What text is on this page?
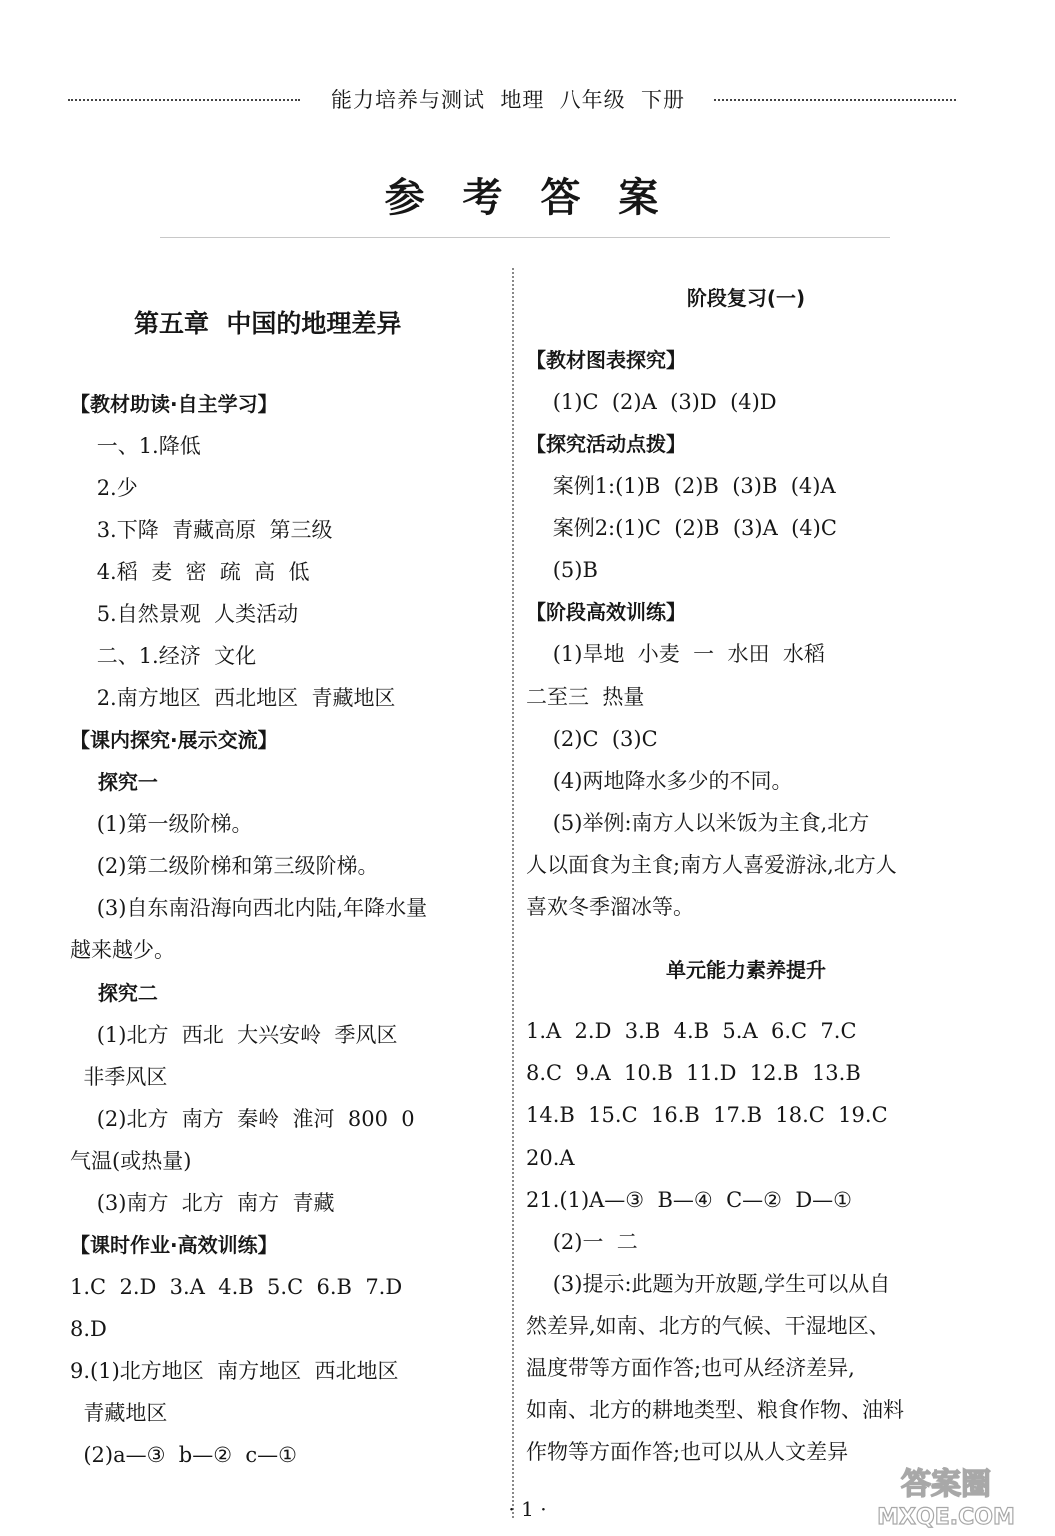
能力培养与测试  地理  八年级  下册
参 考 答 案
第五章  中国的地理差异
【教材助读·自主学习】
一、1.降低
2.少
3.下降  青藏高原  第三级
4.稻  麦  密  疏  高  低
5.自然景观  人类活动
二、1.经济  文化
2.南方地区  西北地区  青藏地区
【课内探究·展示交流】
探究一
(1)第一级阶梯。
(2)第二级阶梯和第三级阶梯。
(3)自东南沿海向西北内陆,年降水量
越来越少。
探究二
(1)北方  西北  大兴安岭  季风区
非季风区
(2)北方  南方  秦岭  淮河  800  0
气温(或热量)
(3)南方  北方  南方  青藏
【课时作业·高效训练】
1.C  2.D  3.A  4.B  5.C  6.B  7.D
8.D
9.(1)北方地区  南方地区  西北地区
青藏地区
(2)a—③  b—②  c—①
阶段复习(一)
【教材图表探究】
(1)C  (2)A  (3)D  (4)D
【探究活动点拨】
案例1:(1)B  (2)B  (3)B  (4)A
案例2:(1)C  (2)B  (3)A  (4)C
(5)B
【阶段高效训练】
(1)旱地  小麦  一  水田  水稻
二至三  热量
(2)C  (3)C
(4)两地降水多少的不同。
(5)举例:南方人以米饭为主食,北方
人以面食为主食;南方人喜爱游泳,北方人
喜欢冬季溜冰等。
单元能力素养提升
1.A  2.D  3.B  4.B  5.A  6.C  7.C
8.C  9.A  10.B  11.D  12.B  13.B
14.B  15.C  16.B  17.B  18.C  19.C
20.A
21.(1)A—③  B—④  C—②  D—①
(2)一  二
(3)提示:此题为开放题,学生可以从自
然差异,如南、北方的气候、干湿地区、
温度带等方面作答;也可从经济差异,
如南、北方的耕地类型、粮食作物、油料
作物等方面作答;也可以从人文差异
· 1 ·
答案圈
MXQE.COM
